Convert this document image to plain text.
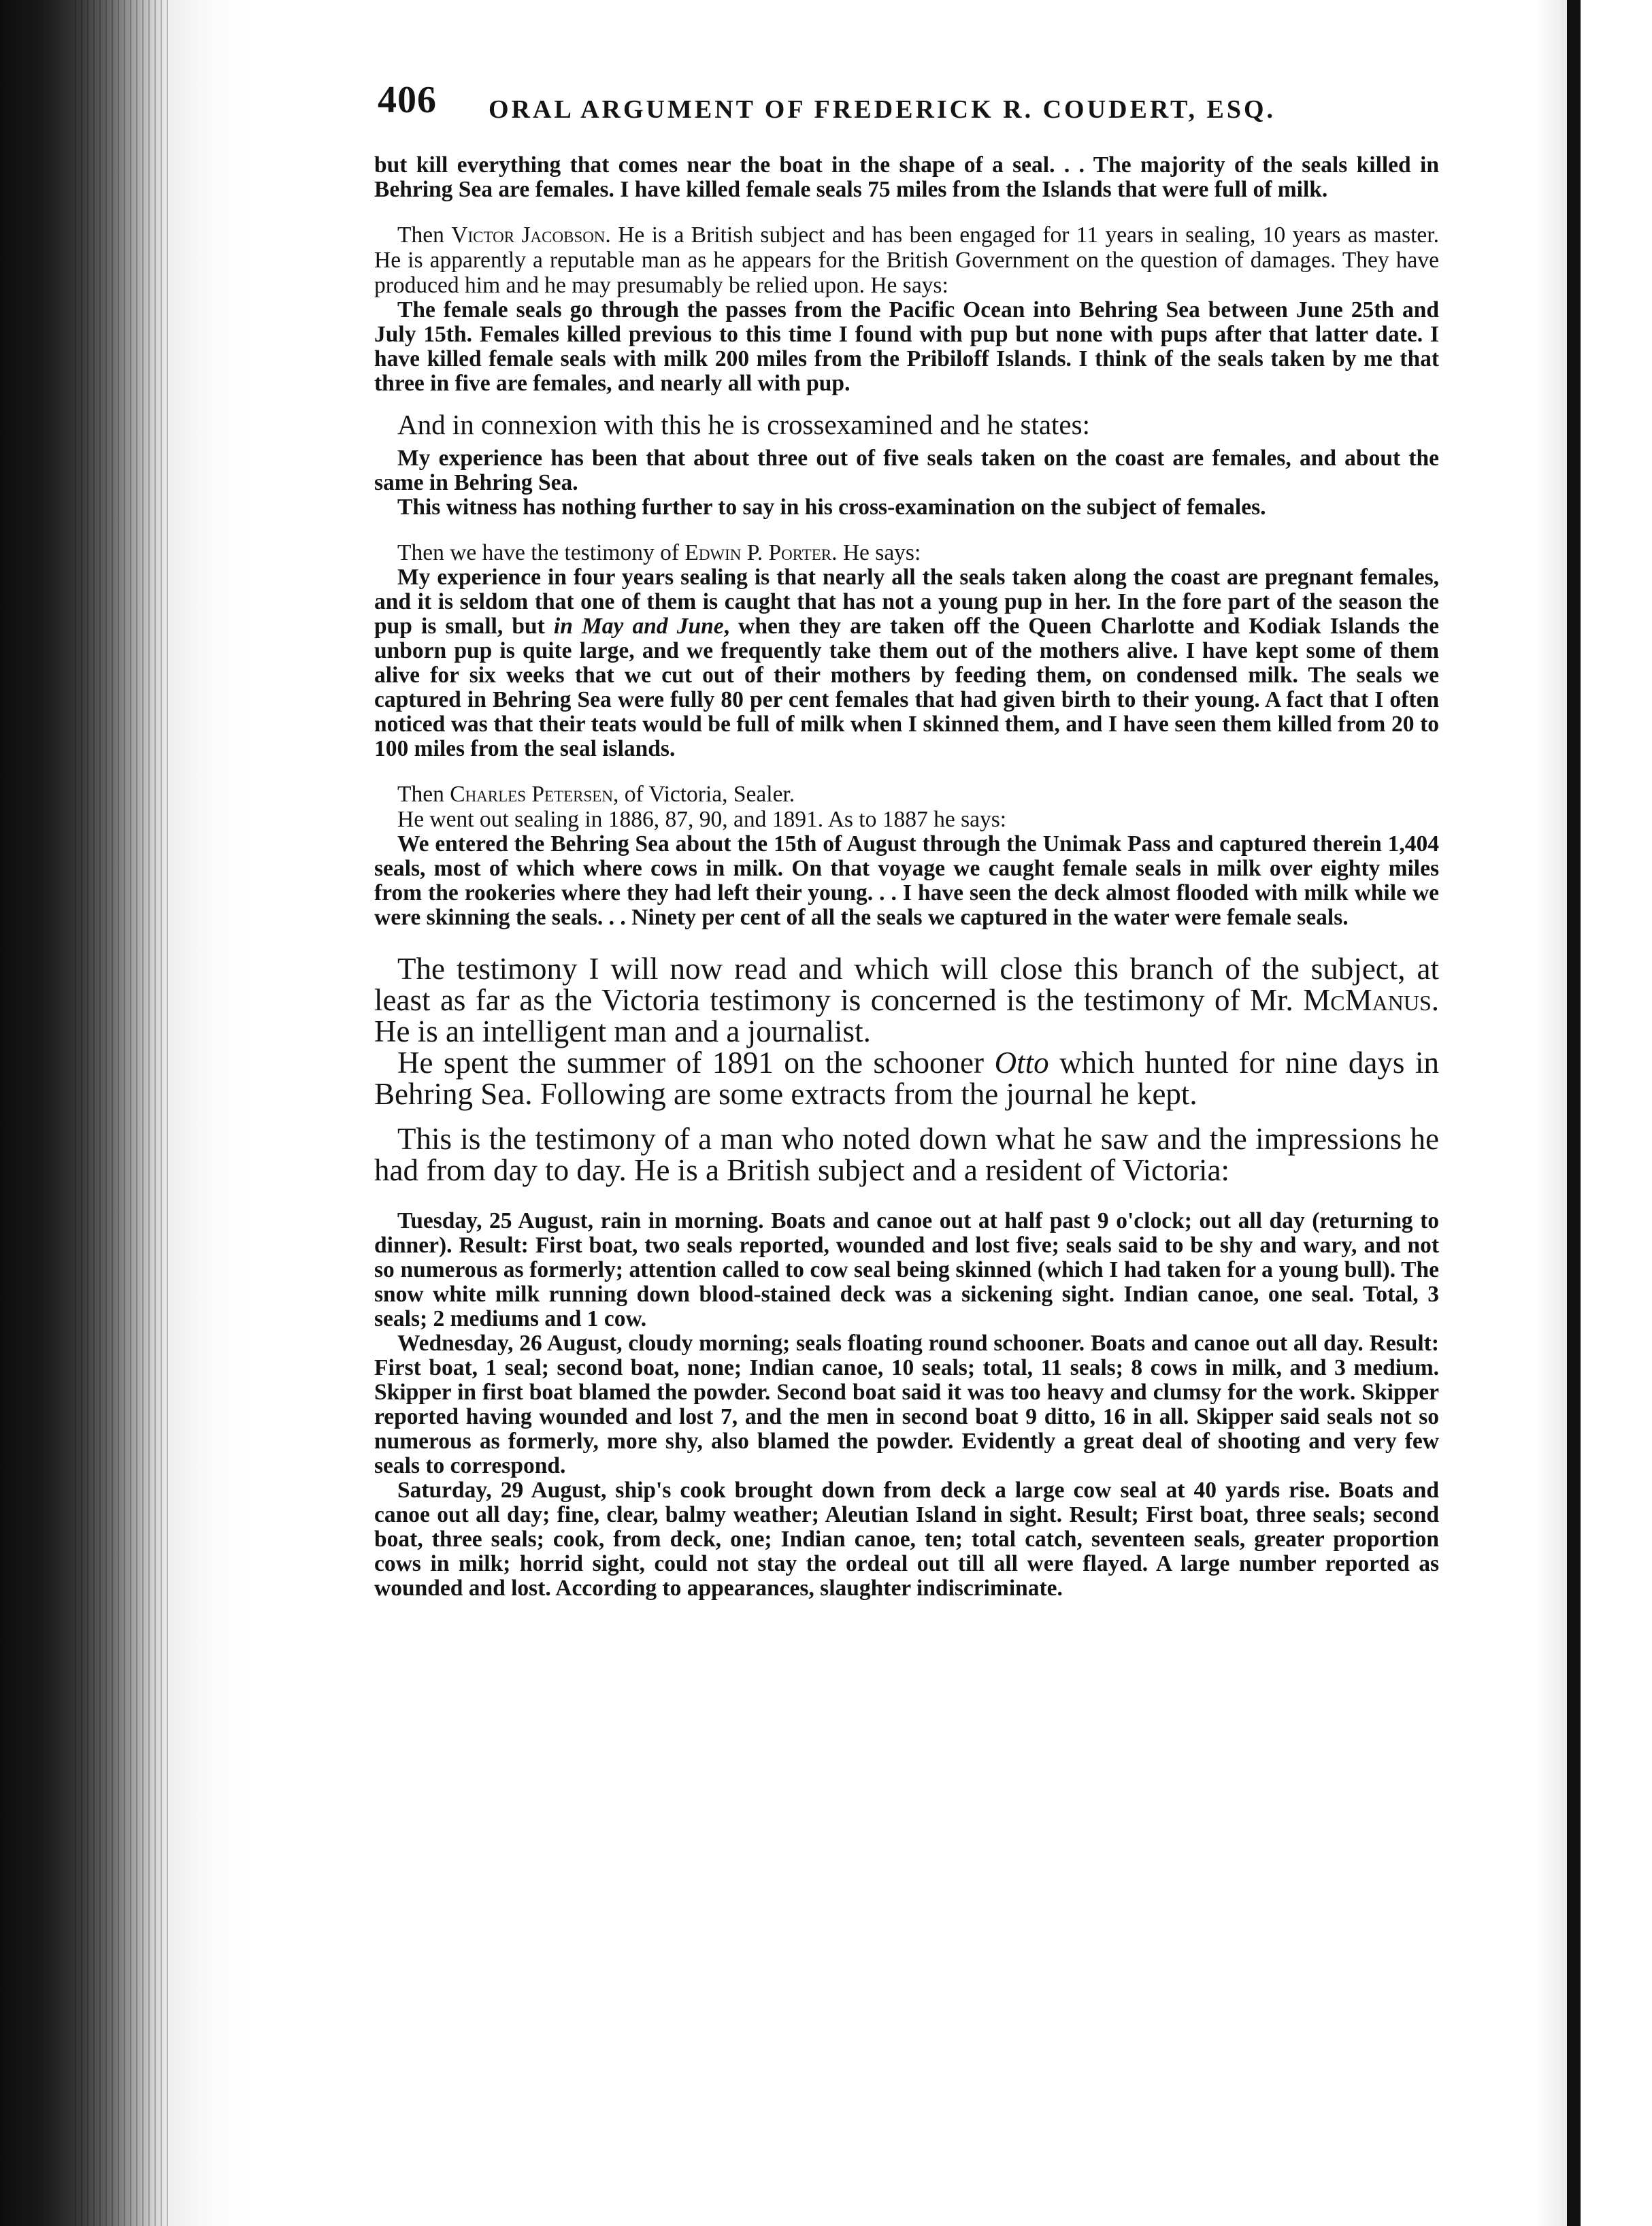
406 ORAL ARGUMENT OF FREDERICK R. COUDERT, ESQ.

but kill everything that comes near the boat in the shape of a seal. . . The majority of the seals killed in Behring Sea are females. I have killed female seals 75 miles from the Islands that were full of milk.

Then Victor Jacobson. He is a British subject and has been engaged for 11 years in sealing, 10 years as master. He is apparently a reputable man as he appears for the British Government on the question of damages. They have produced him and he may presumably be relied upon. He says:

The female seals go through the passes from the Pacific Ocean into Behring Sea between June 25th and July 15th. Females killed previous to this time I found with pup but none with pups after that latter date. I have killed female seals with milk 200 miles from the Pribiloff Islands. I think of the seals taken by me that three in five are females, and nearly all with pup.

And in connexion with this he is crossexamined and he states:

My experience has been that about three out of five seals taken on the coast are females, and about the same in Behring Sea.

This witness has nothing further to say in his cross-examination on the subject of females.

Then we have the testimony of Edwin P. Porter. He says:

My experience in four years sealing is that nearly all the seals taken along the coast are pregnant females, and it is seldom that one of them is caught that has not a young pup in her. In the fore part of the season the pup is small, but in May and June, when they are taken off the Queen Charlotte and Kodiak Islands the unborn pup is quite large, and we frequently take them out of the mothers alive. I have kept some of them alive for six weeks that we cut out of their mothers by feeding them, on condensed milk. The seals we captured in Behring Sea were fully 80 per cent females that had given birth to their young. A fact that I often noticed was that their teats would be full of milk when I skinned them, and I have seen them killed from 20 to 100 miles from the seal islands.

Then Charles Petersen, of Victoria, Sealer.

He went out sealing in 1886, 87, 90, and 1891. As to 1887 he says:

We entered the Behring Sea about the 15th of August through the Unimak Pass and captured therein 1,404 seals, most of which where cows in milk. On that voyage we caught female seals in milk over eighty miles from the rookeries where they had left their young. . . I have seen the deck almost flooded with milk while we were skinning the seals. . . Ninety per cent of all the seals we captured in the water were female seals.

The testimony I will now read and which will close this branch of the subject, at least as far as the Victoria testimony is concerned is the testimony of Mr. McManus. He is an intelligent man and a journalist.

He spent the summer of 1891 on the schooner Otto which hunted for nine days in Behring Sea. Following are some extracts from the journal he kept.

This is the testimony of a man who noted down what he saw and the impressions he had from day to day. He is a British subject and a resident of Victoria:

Tuesday, 25 August, rain in morning. Boats and canoe out at half past 9 o'clock; out all day (returning to dinner). Result: First boat, two seals reported, wounded and lost five; seals said to be shy and wary, and not so numerous as formerly; attention called to cow seal being skinned (which I had taken for a young bull). The snow white milk running down blood-stained deck was a sickening sight. Indian canoe, one seal. Total, 3 seals; 2 mediums and 1 cow.

Wednesday, 26 August, cloudy morning; seals floating round schooner. Boats and canoe out all day. Result: First boat, 1 seal; second boat, none; Indian canoe, 10 seals; total, 11 seals; 8 cows in milk, and 3 medium. Skipper in first boat blamed the powder. Second boat said it was too heavy and clumsy for the work. Skipper reported having wounded and lost 7, and the men in second boat 9 ditto, 16 in all. Skipper said seals not so numerous as formerly, more shy, also blamed the powder. Evidently a great deal of shooting and very few seals to correspond.

Saturday, 29 August, ship's cook brought down from deck a large cow seal at 40 yards rise. Boats and canoe out all day; fine, clear, balmy weather; Aleutian Island in sight. Result; First boat, three seals; second boat, three seals; cook, from deck, one; Indian canoe, ten; total catch, seventeen seals, greater proportion cows in milk; horrid sight, could not stay the ordeal out till all were flayed. A large number reported as wounded and lost. According to appearances, slaughter indiscriminate.
